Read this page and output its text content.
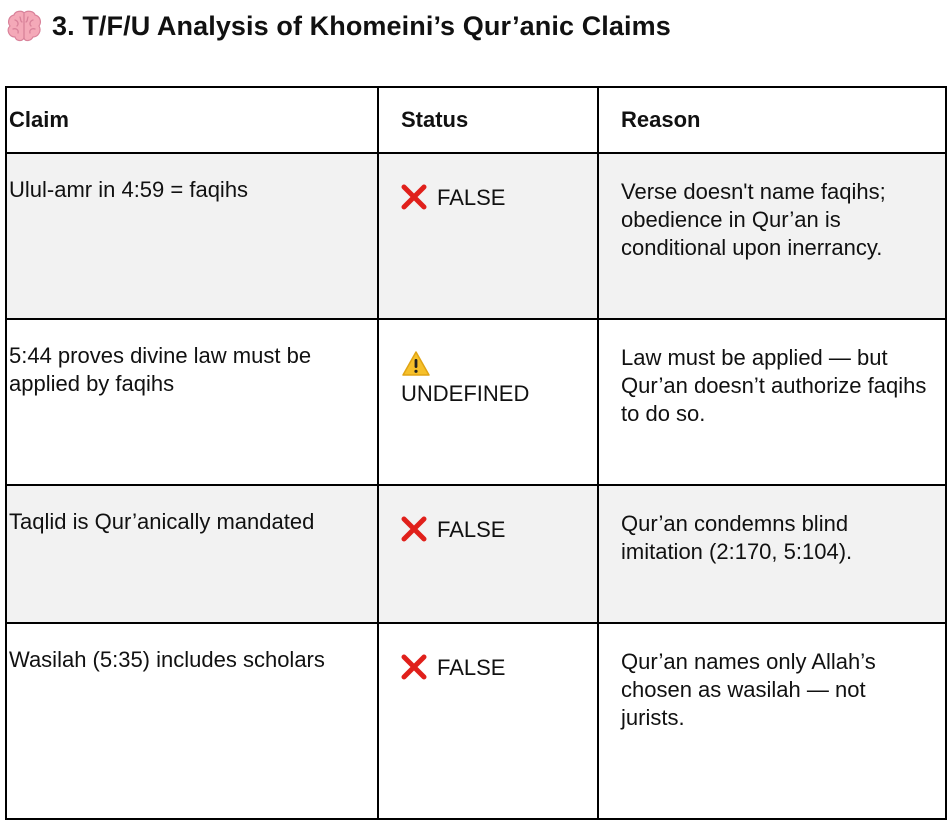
3. T/F/U Analysis of Khomeini’s Qur’anic Claims
Claim	Status	Reason
Ulul-amr in 4:59 = faqihs	FALSE	Verse doesn't name faqihs; obedience in Qur’an is conditional upon inerrancy.
5:44 proves divine law must be applied by faqihs	UNDEFINED	Law must be applied — but Qur’an doesn’t authorize faqihs to do so.
Taqlid is Qur’anically mandated	FALSE	Qur’an condemns blind imitation (2:170, 5:104).
Wasilah (5:35) includes scholars	FALSE	Qur’an names only Allah’s chosen as wasilah — not jurists.
